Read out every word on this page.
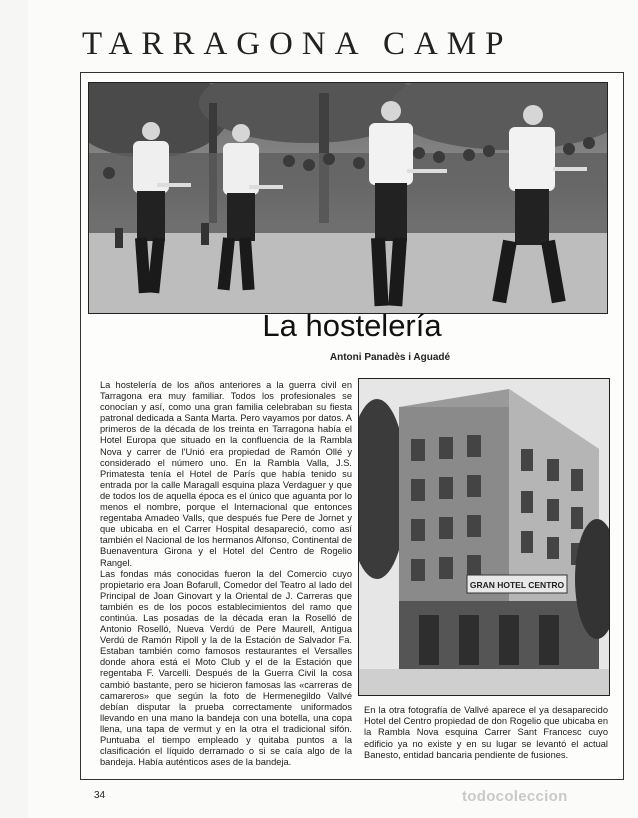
TARRAGONA CAMP
La hostelería
Antoni Panadès i Aguadé

La hostelería de los años anteriores a la guerra civil en Tarragona era muy familiar. Todos los profesionales se conocían y así, como una gran familia celebraban su fiesta patronal dedicada a Santa Marta. Pero vayamos por datos. A primeros de la década de los treinta en Tarragona había el Hotel Europa que situado en la confluencia de la Rambla Nova y carrer de l'Unió era propiedad de Ramón Ollé y considerado el número uno. En la Rambla Valla, J.S. Primatesta tenía el Hotel de París que había tenido su entrada por la calle Maragall esquina plaza Verdaguer y que de todos los de aquella época es el único que aguanta por lo menos el nombre, porque el Internacional que entonces regentaba Amadeo Valls, que después fue Pere de Jornet y que ubicaba en el Carrer Hospital desapareció, como así también el Nacional de los hermanos Alfonso, Continental de Buenaventura Girona y el Hotel del Centro de Rogelio Rangel.

Las fondas más conocidas fueron la del Comercio cuyo propietario era Joan Bofarull, Comedor del Teatro al lado del Principal de Joan Ginovart y la Oriental de J. Carreras que también es de los pocos establecimientos del ramo que continúa. Las posadas de la década eran la Roselló de Antonio Roselló, Nueva Verdú de Pere Maurell, Antigua Verdú de Ramón Ripoll y la de la Estación de Salvador Fa. Estaban también como famosos restaurantes el Versalles donde ahora está el Moto Club y el de la Estación que regentaba F. Varcelli. Después de la Guerra Civil la cosa cambió bastante, pero se hicieron famosas las «carreras de camareros» que según la foto de Hermenegildo Vallvé debían disputar la prueba correctamente uniformados llevando en una mano la bandeja con una botella, una copa llena, una tapa de vermut y en la otra el tradicional sifón. Puntuaba el tiempo empleado y quitaba puntos a la clasificación el líquido derramado o si se caía algo de la bandeja. Había auténticos ases de la bandeja.

GRAN HOTEL CENTRO
En la otra fotografía de Vallvé aparece el ya desaparecido Hotel del Centro propiedad de don Rogelio que ubicaba en la Rambla Nova esquina Carrer Sant Francesc cuyo edificio ya no existe y en su lugar se levantó el actual Banesto, entidad bancaria pendiente de fusiones.
34	todocoleccion
